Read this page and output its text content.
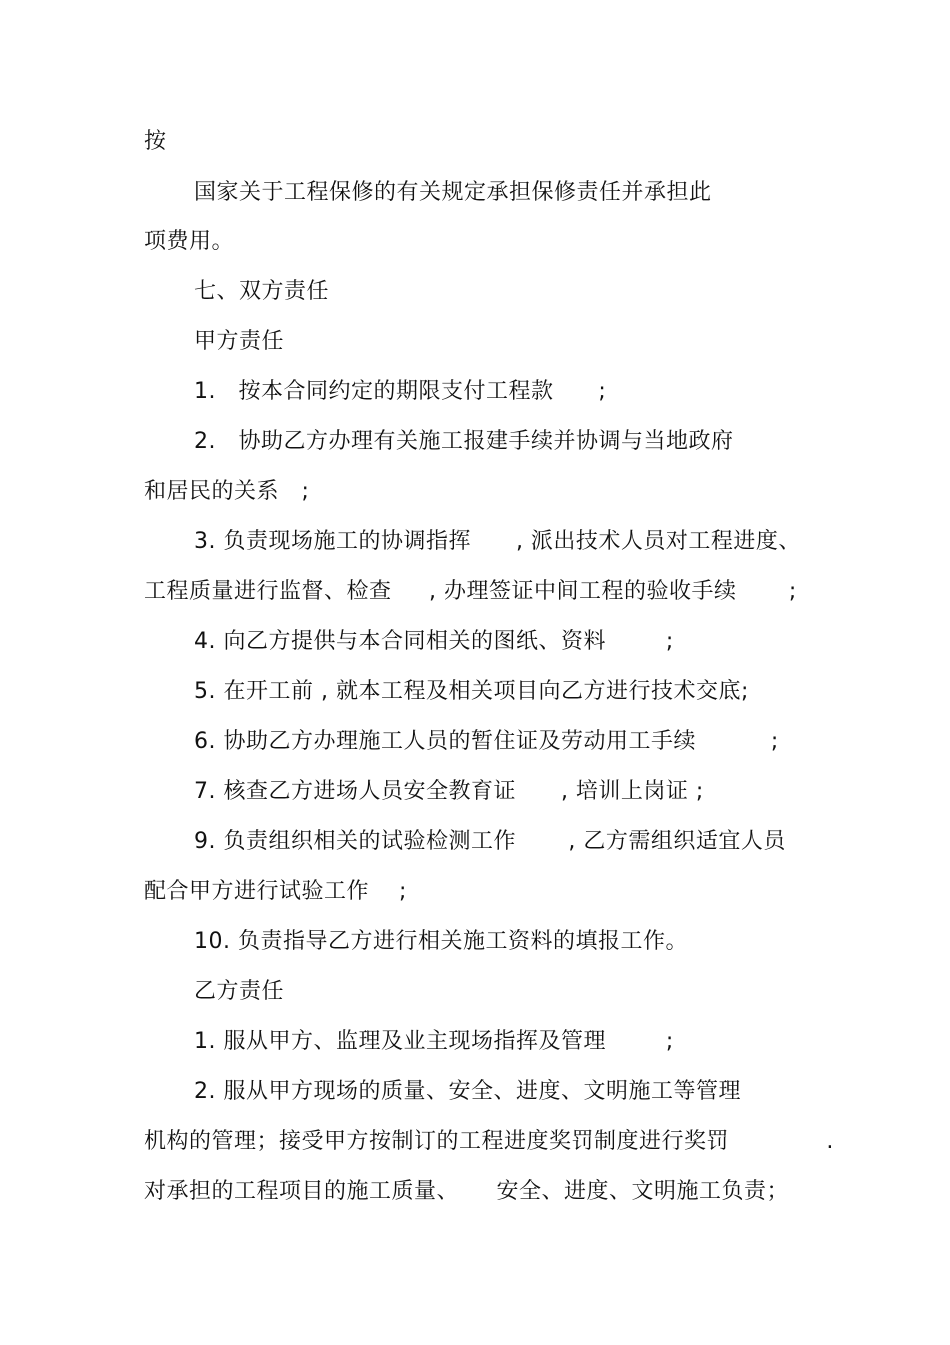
按
国家关于工程保修的有关规定承担保修责任并承担此
项费用。
七、双方责任
甲方责任
1.   按本合同约定的期限支付工程款      ;
2.   协助乙方办理有关施工报建手续并协调与当地政府
和居民的关系   ;
3. 负责现场施工的协调指挥      , 派出技术人员对工程进度、
工程质量进行监督、检查     , 办理签证中间工程的验收手续       ;
4. 向乙方提供与本合同相关的图纸、资料        ;
5. 在开工前 , 就本工程及相关项目向乙方进行技术交底;
6. 协助乙方办理施工人员的暂住证及劳动用工手续          ;
7. 核查乙方进场人员安全教育证      , 培训上岗证 ;
9. 负责组织相关的试验检测工作       , 乙方需组织适宜人员
配合甲方进行试验工作    ;
10. 负责指导乙方进行相关施工资料的填报工作。
乙方责任
1. 服从甲方、监理及业主现场指挥及管理        ;
2. 服从甲方现场的质量、安全、进度、文明施工等管理
机构的管理；接受甲方按制订的工程进度奖罚制度进行奖罚             .
对承担的工程项目的施工质量、     安全、进度、文明施工负责；
